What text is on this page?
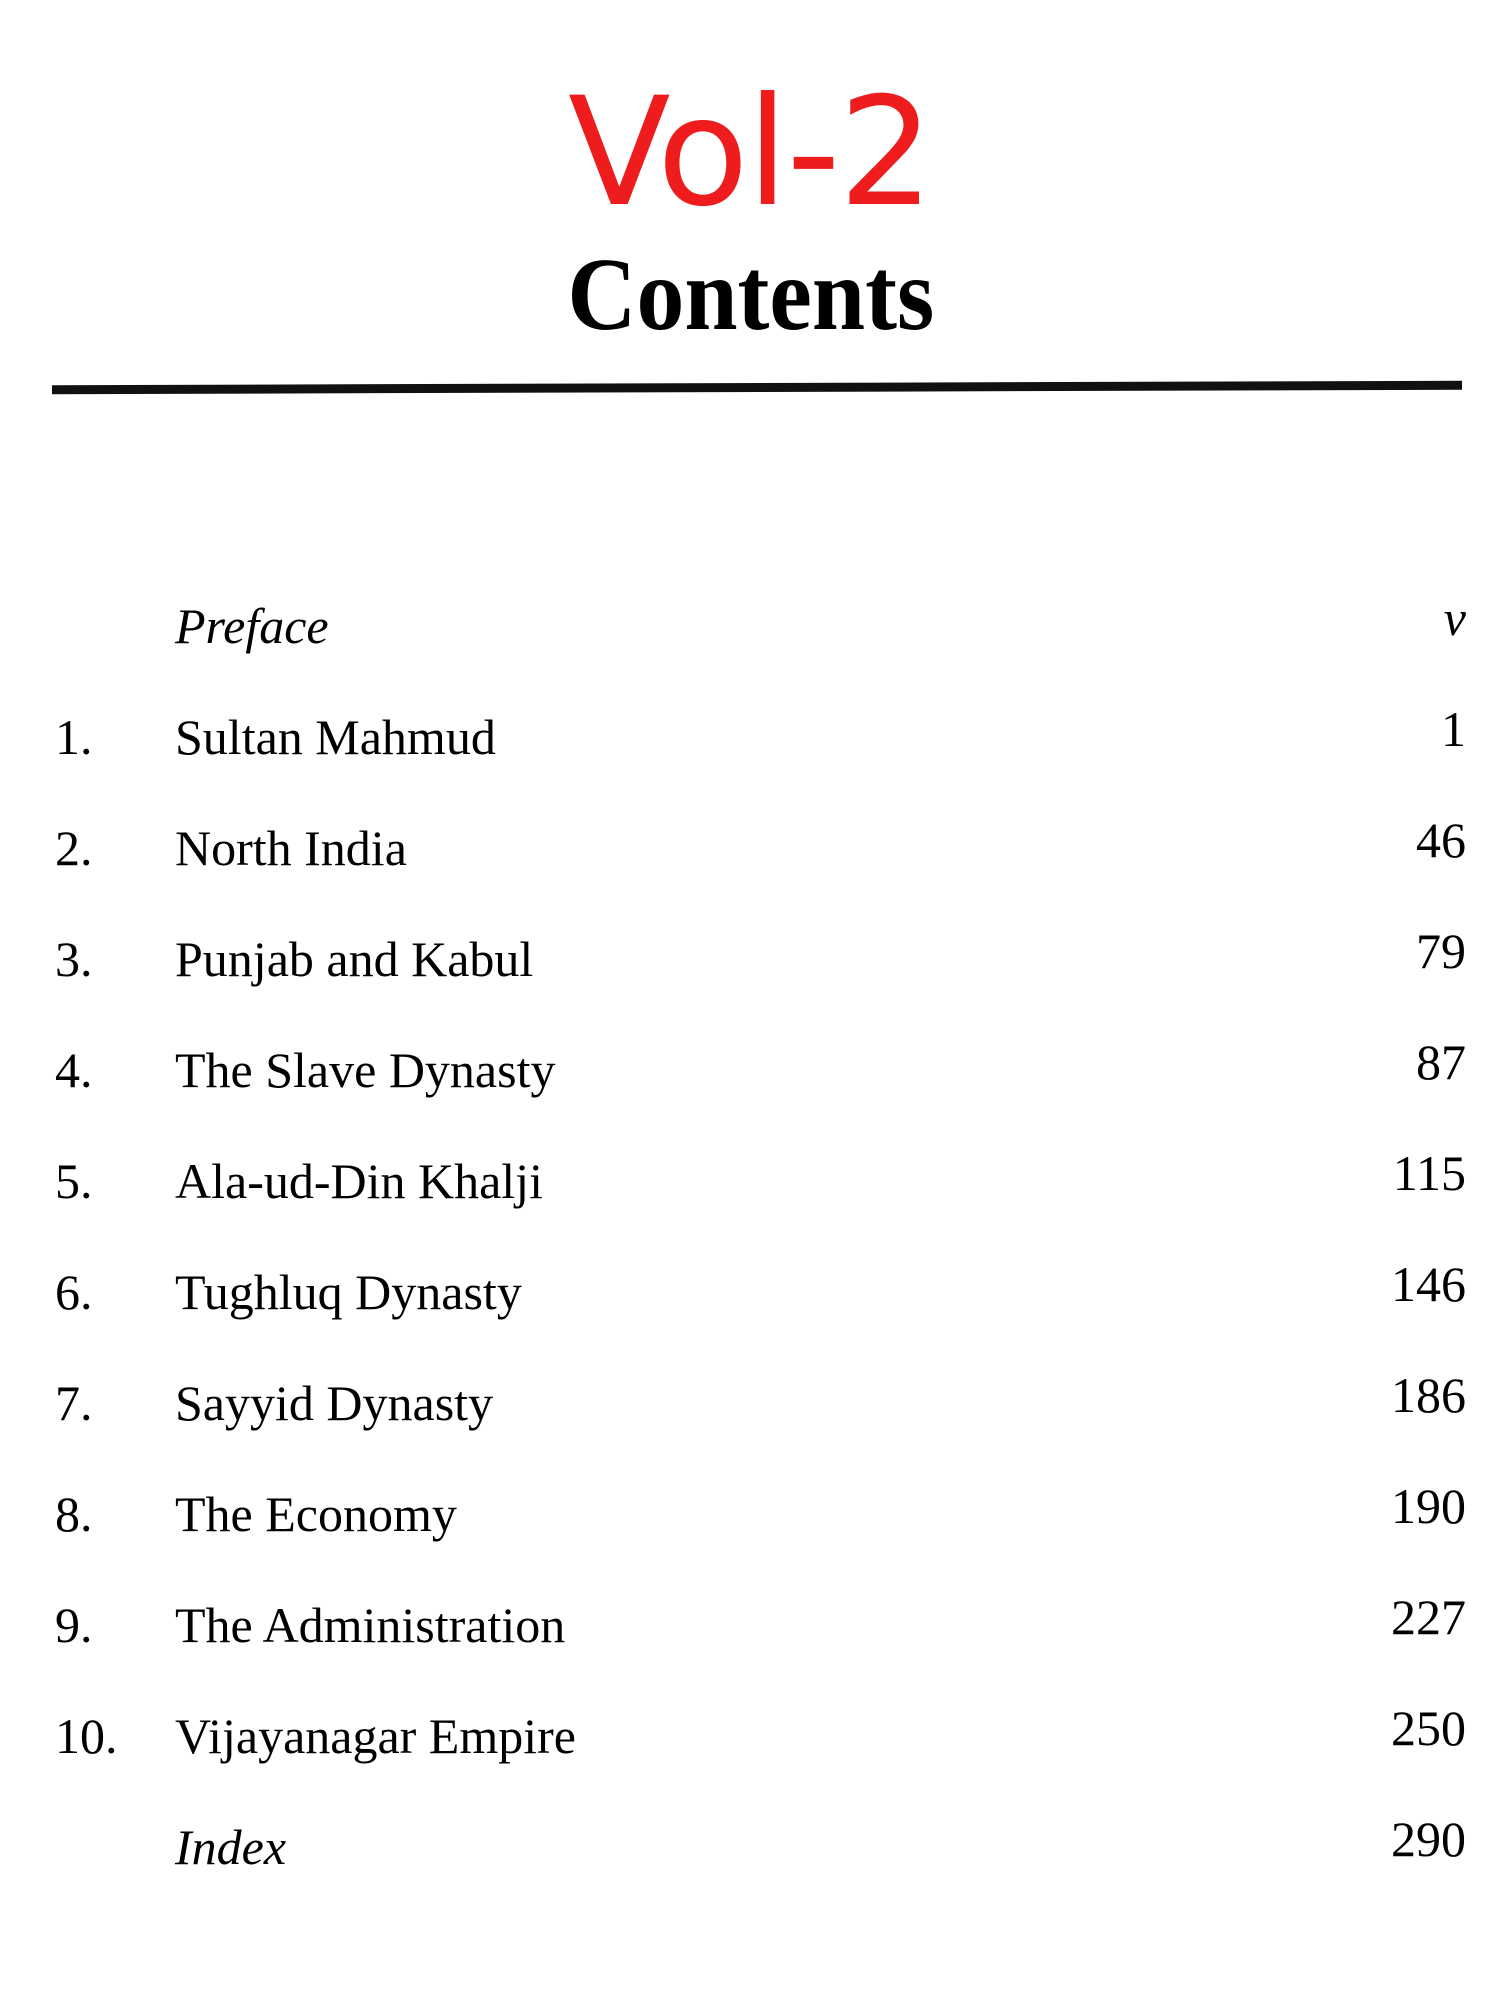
Vol-2
Contents
Preface	v
1.	Sultan Mahmud	1
2.	North India	46
3.	Punjab and Kabul	79
4.	The Slave Dynasty	87
5.	Ala-ud-Din Khalji	115
6.	Tughluq Dynasty	146
7.	Sayyid Dynasty	186
8.	The Economy	190
9.	The Administration	227
10.	Vijayanagar Empire	250
Index	290
